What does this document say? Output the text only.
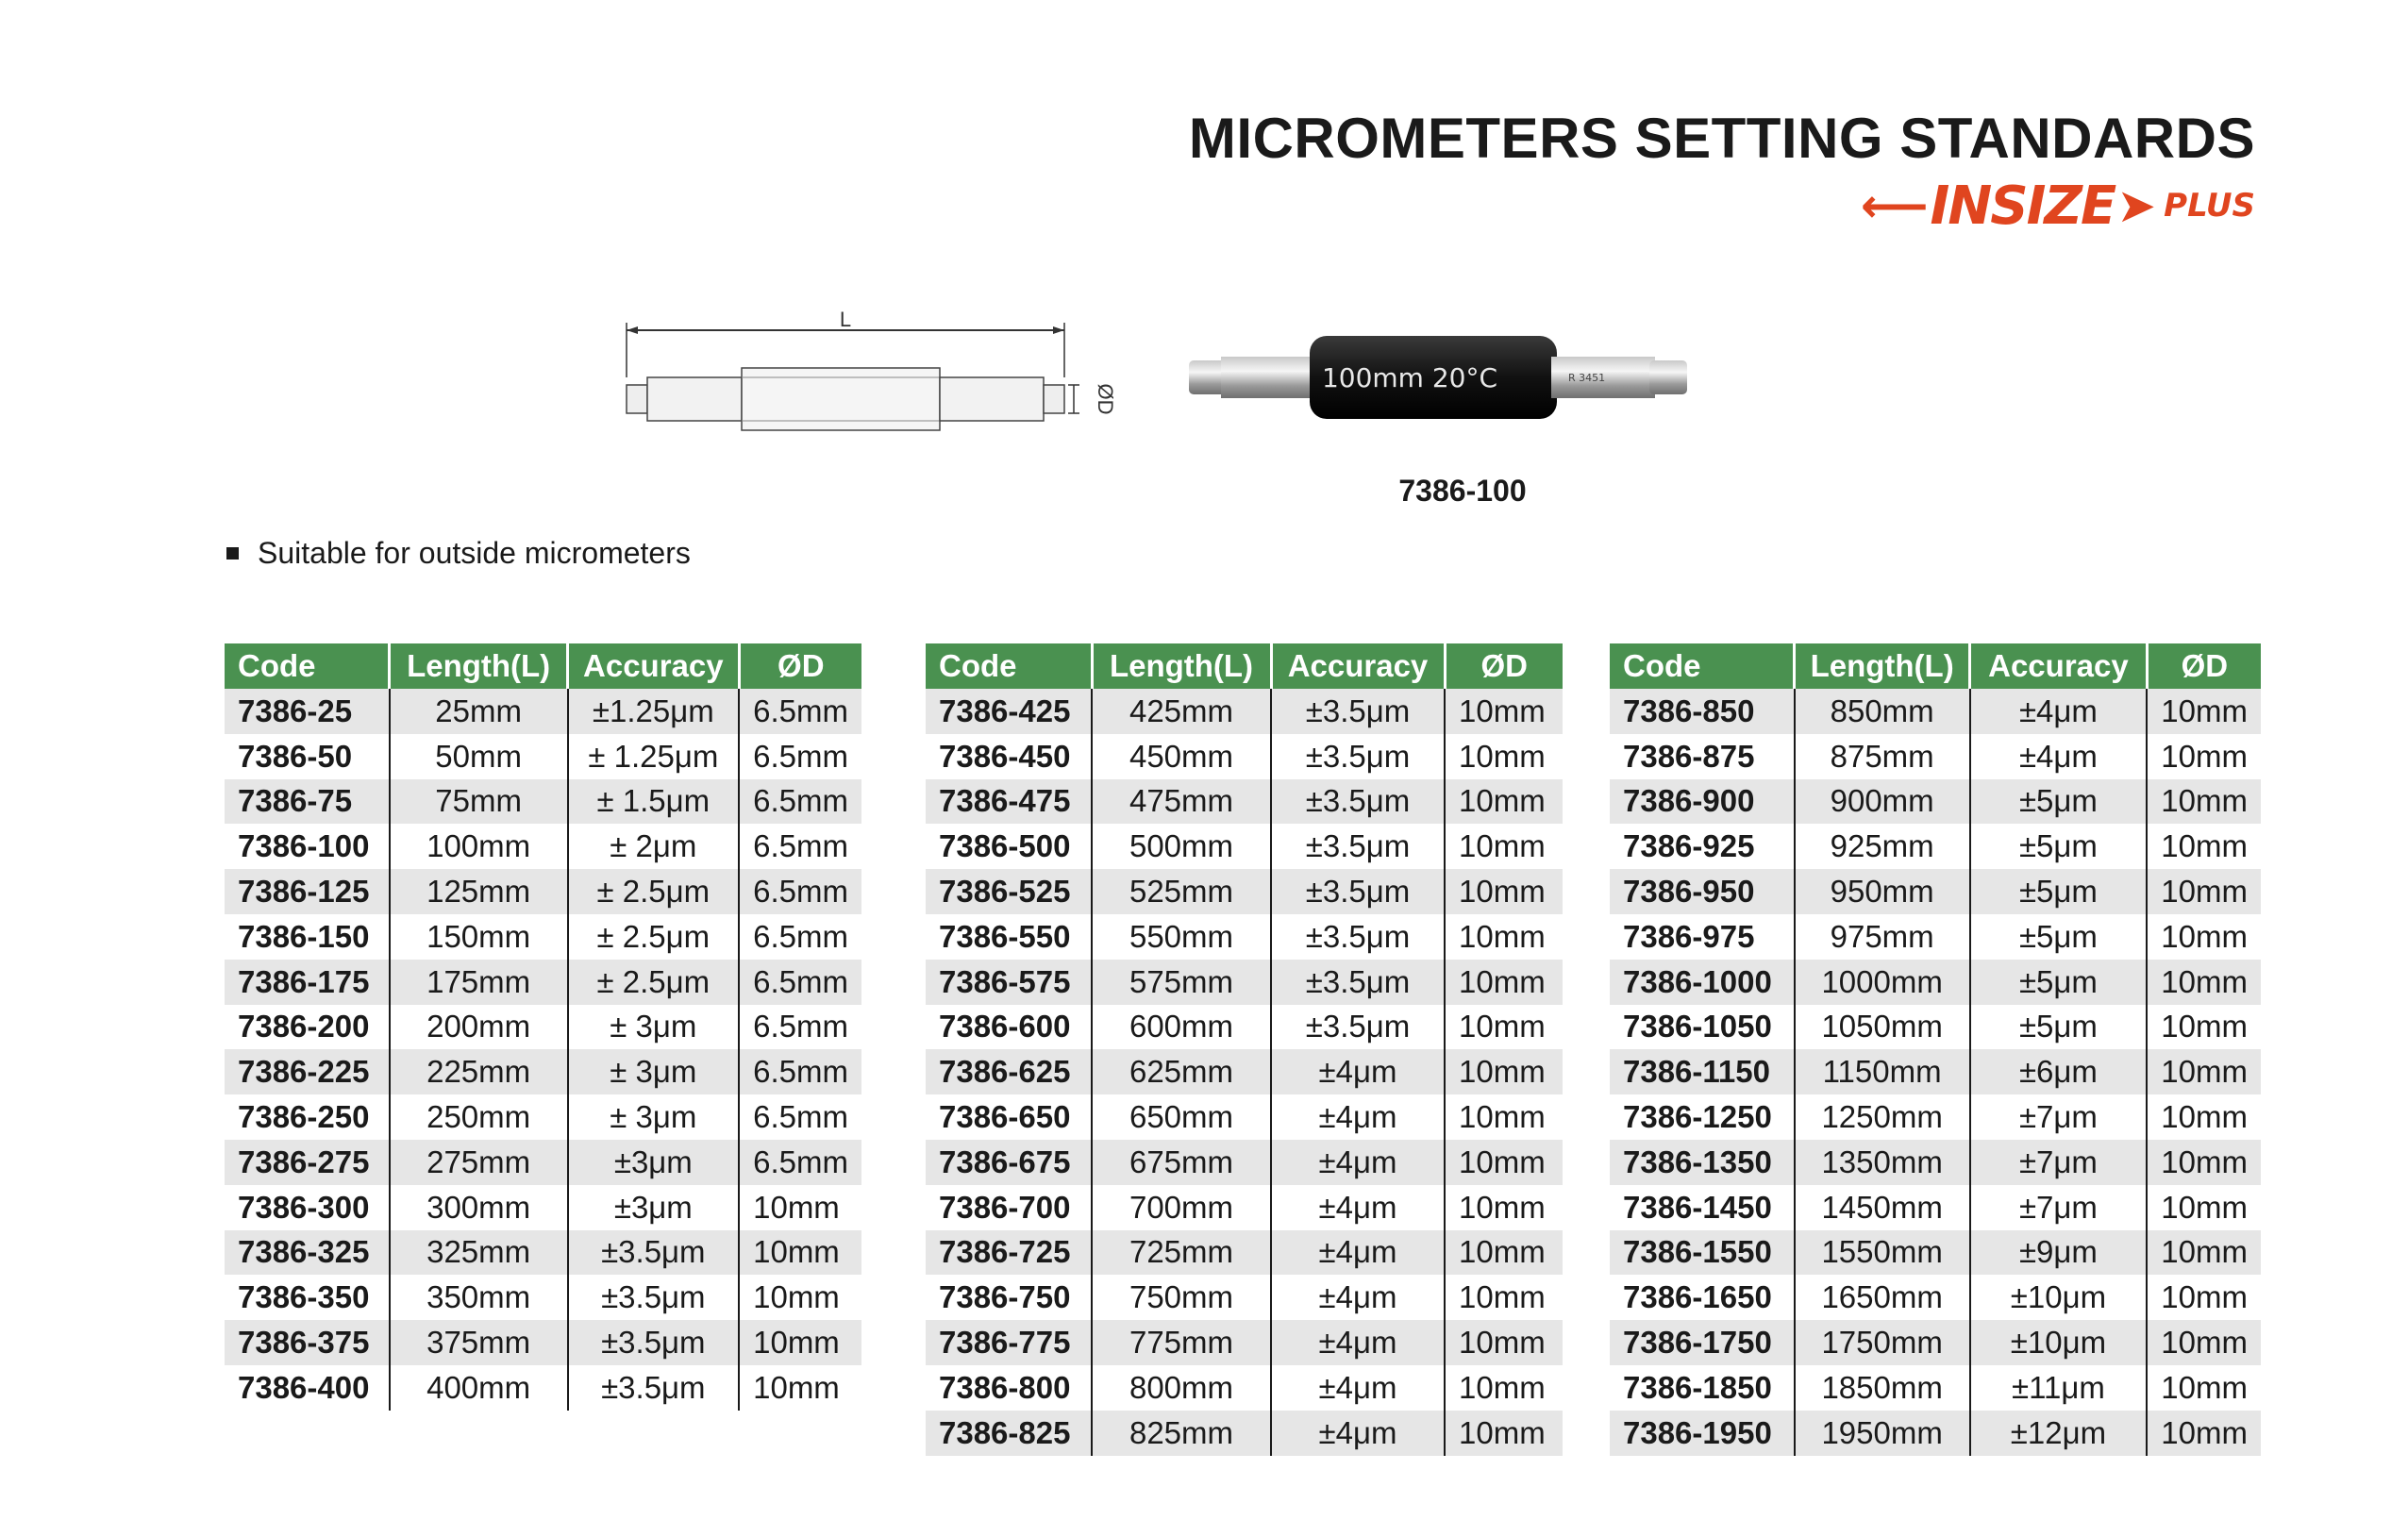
MICROMETERS SETTING STANDARDS
⟵ INSIZE ➤ PLUS
L
ØD
100mm 20°C	R 3451
7386-100
Suitable for outside micrometers
Code	Length(L)	Accuracy	ØD
7386-25	25mm	±1.25μm	6.5mm
7386-50	50mm	± 1.25μm	6.5mm
7386-75	75mm	± 1.5μm	6.5mm
7386-100	100mm	± 2μm	6.5mm
7386-125	125mm	± 2.5μm	6.5mm
7386-150	150mm	± 2.5μm	6.5mm
7386-175	175mm	± 2.5μm	6.5mm
7386-200	200mm	± 3μm	6.5mm
7386-225	225mm	± 3μm	6.5mm
7386-250	250mm	± 3μm	6.5mm
7386-275	275mm	±3μm	6.5mm
7386-300	300mm	±3μm	10mm
7386-325	325mm	±3.5μm	10mm
7386-350	350mm	±3.5μm	10mm
7386-375	375mm	±3.5μm	10mm
7386-400	400mm	±3.5μm	10mm
Code	Length(L)	Accuracy	ØD
7386-425	425mm	±3.5μm	10mm
7386-450	450mm	±3.5μm	10mm
7386-475	475mm	±3.5μm	10mm
7386-500	500mm	±3.5μm	10mm
7386-525	525mm	±3.5μm	10mm
7386-550	550mm	±3.5μm	10mm
7386-575	575mm	±3.5μm	10mm
7386-600	600mm	±3.5μm	10mm
7386-625	625mm	±4μm	10mm
7386-650	650mm	±4μm	10mm
7386-675	675mm	±4μm	10mm
7386-700	700mm	±4μm	10mm
7386-725	725mm	±4μm	10mm
7386-750	750mm	±4μm	10mm
7386-775	775mm	±4μm	10mm
7386-800	800mm	±4μm	10mm
7386-825	825mm	±4μm	10mm
Code	Length(L)	Accuracy	ØD
7386-850	850mm	±4μm	10mm
7386-875	875mm	±4μm	10mm
7386-900	900mm	±5μm	10mm
7386-925	925mm	±5μm	10mm
7386-950	950mm	±5μm	10mm
7386-975	975mm	±5μm	10mm
7386-1000	1000mm	±5μm	10mm
7386-1050	1050mm	±5μm	10mm
7386-1150	1150mm	±6μm	10mm
7386-1250	1250mm	±7μm	10mm
7386-1350	1350mm	±7μm	10mm
7386-1450	1450mm	±7μm	10mm
7386-1550	1550mm	±9μm	10mm
7386-1650	1650mm	±10μm	10mm
7386-1750	1750mm	±10μm	10mm
7386-1850	1850mm	±11μm	10mm
7386-1950	1950mm	±12μm	10mm
